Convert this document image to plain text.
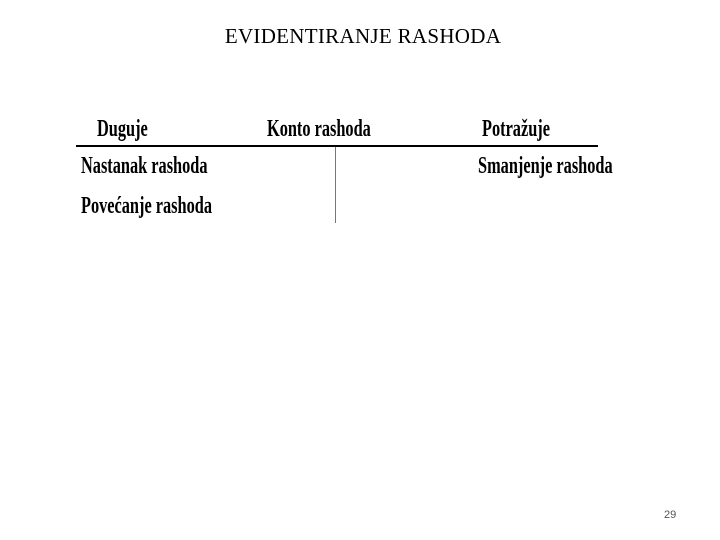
EVIDENTIRANJE RASHODA
Duguje	Konto rashoda	Potražuje
Nastanak rashoda
Povećanje rashoda
Smanjenje rashoda
29
